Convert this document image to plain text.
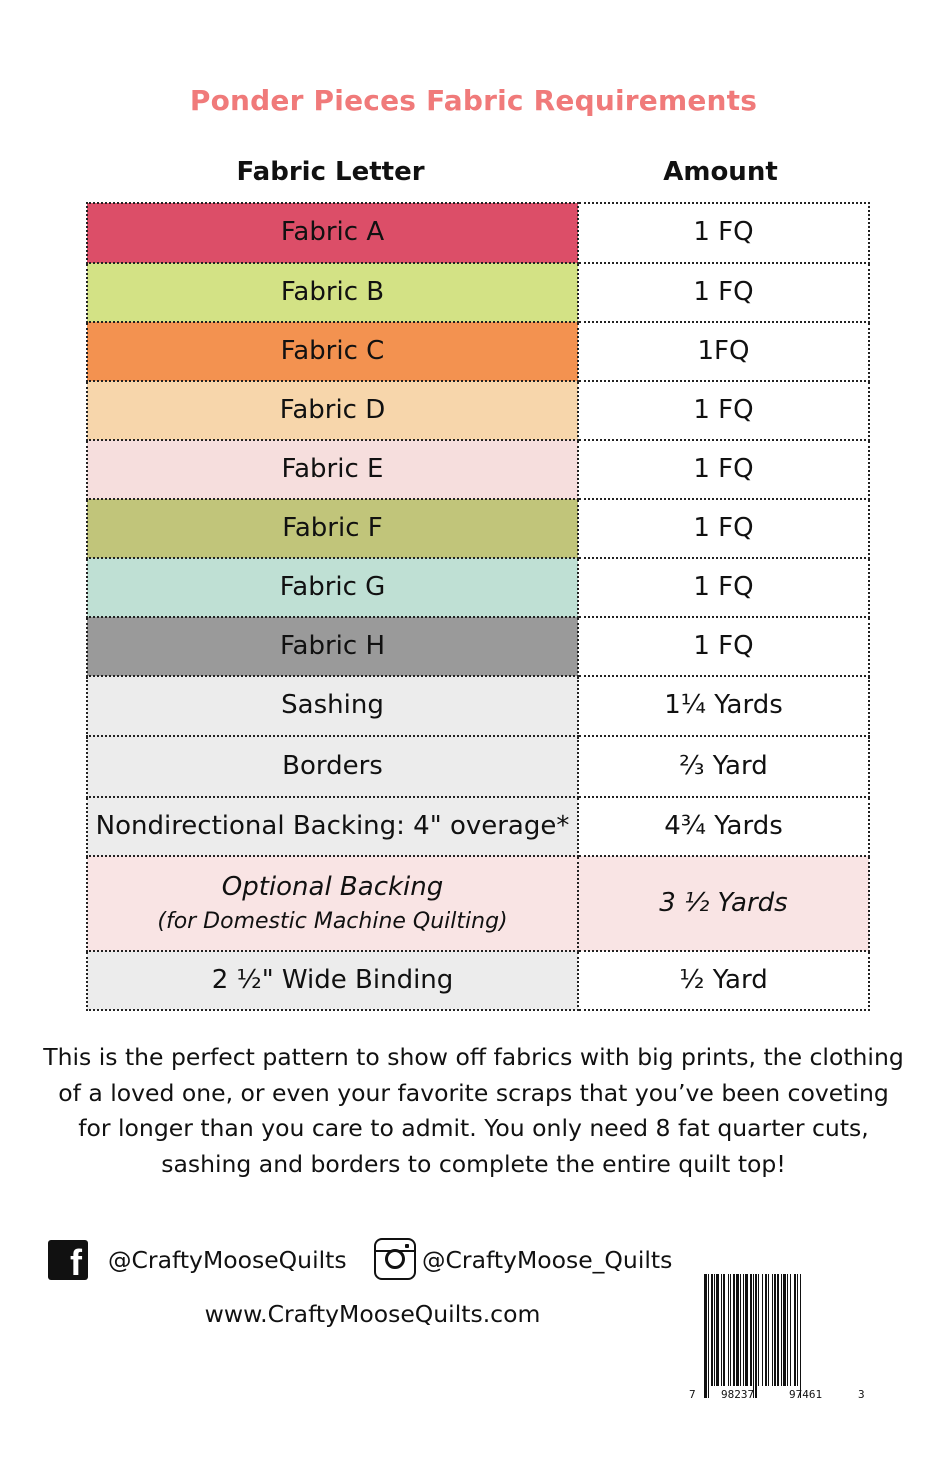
Ponder Pieces Fabric Requirements
Fabric Letter	Amount
Fabric A	1 FQ
Fabric B	1 FQ
Fabric C	1FQ
Fabric D	1 FQ
Fabric E	1 FQ
Fabric F	1 FQ
Fabric G	1 FQ
Fabric H	1 FQ
Sashing	1¼ Yards
Borders	⅔ Yard
Nondirectional Backing: 4" overage*	4¾ Yards
Optional Backing
(for Domestic Machine Quilting)	3 ½ Yards
2 ½" Wide Binding	½ Yard
This is the perfect pattern to show off fabrics with big prints, the clothing of a loved one, or even your favorite scraps that you’ve been coveting for longer than you care to admit. You only need 8 fat quarter cuts, sashing and borders to complete the entire quilt top!
f @CraftyMooseQuilts	@CraftyMoose_Quilts
www.CraftyMooseQuilts.com
7 98237	97461	3
